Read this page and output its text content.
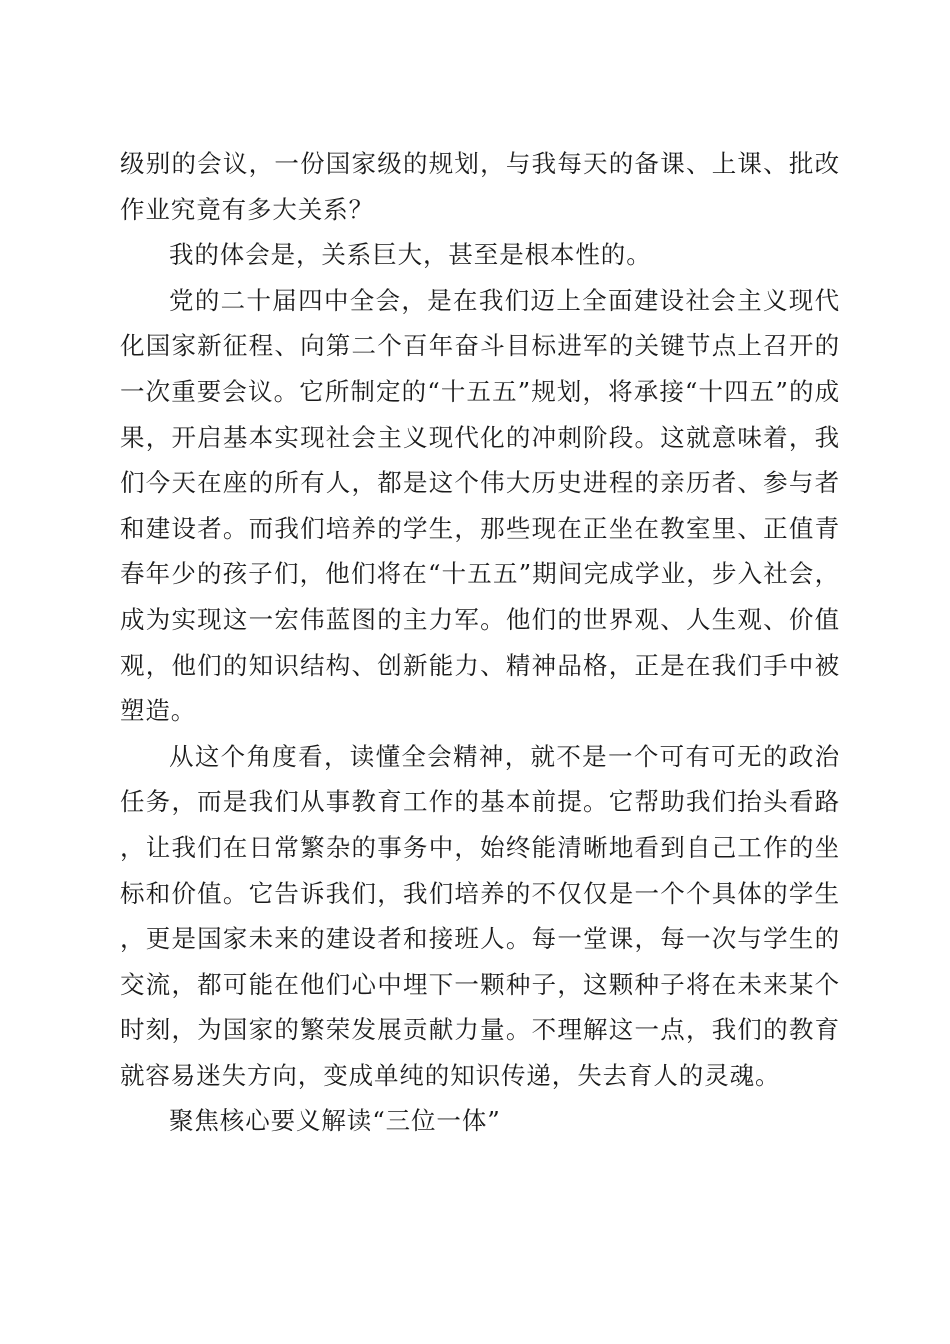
级别的会议，一份国家级的规划，与我每天的备课、上课、批改作业究竟有多大关系？

我的体会是，关系巨大，甚至是根本性的。

党的二十届四中全会，是在我们迈上全面建设社会主义现代化国家新征程、向第二个百年奋斗目标进军的关键节点上召开的一次重要会议。它所制定的“十五五”规划，将承接“十四五”的成果，开启基本实现社会主义现代化的冲刺阶段。这就意味着，我们今天在座的所有人，都是这个伟大历史进程的亲历者、参与者和建设者。而我们培养的学生，那些现在正坐在教室里、正值青春年少的孩子们，他们将在“十五五”期间完成学业，步入社会，成为实现这一宏伟蓝图的主力军。他们的世界观、人生观、价值观，他们的知识结构、创新能力、精神品格，正是在我们手中被塑造。

从这个角度看，读懂全会精神，就不是一个可有可无的政治任务，而是我们从事教育工作的基本前提。它帮助我们抬头看路，让我们在日常繁杂的事务中，始终能清晰地看到自己工作的坐标和价值。它告诉我们，我们培养的不仅仅是一个个具体的学生，更是国家未来的建设者和接班人。每一堂课，每一次与学生的交流，都可能在他们心中埋下一颗种子，这颗种子将在未来某个时刻，为国家的繁荣发展贡献力量。不理解这一点，我们的教育就容易迷失方向，变成单纯的知识传递，失去育人的灵魂。

聚焦核心要义解读“三位一体”
